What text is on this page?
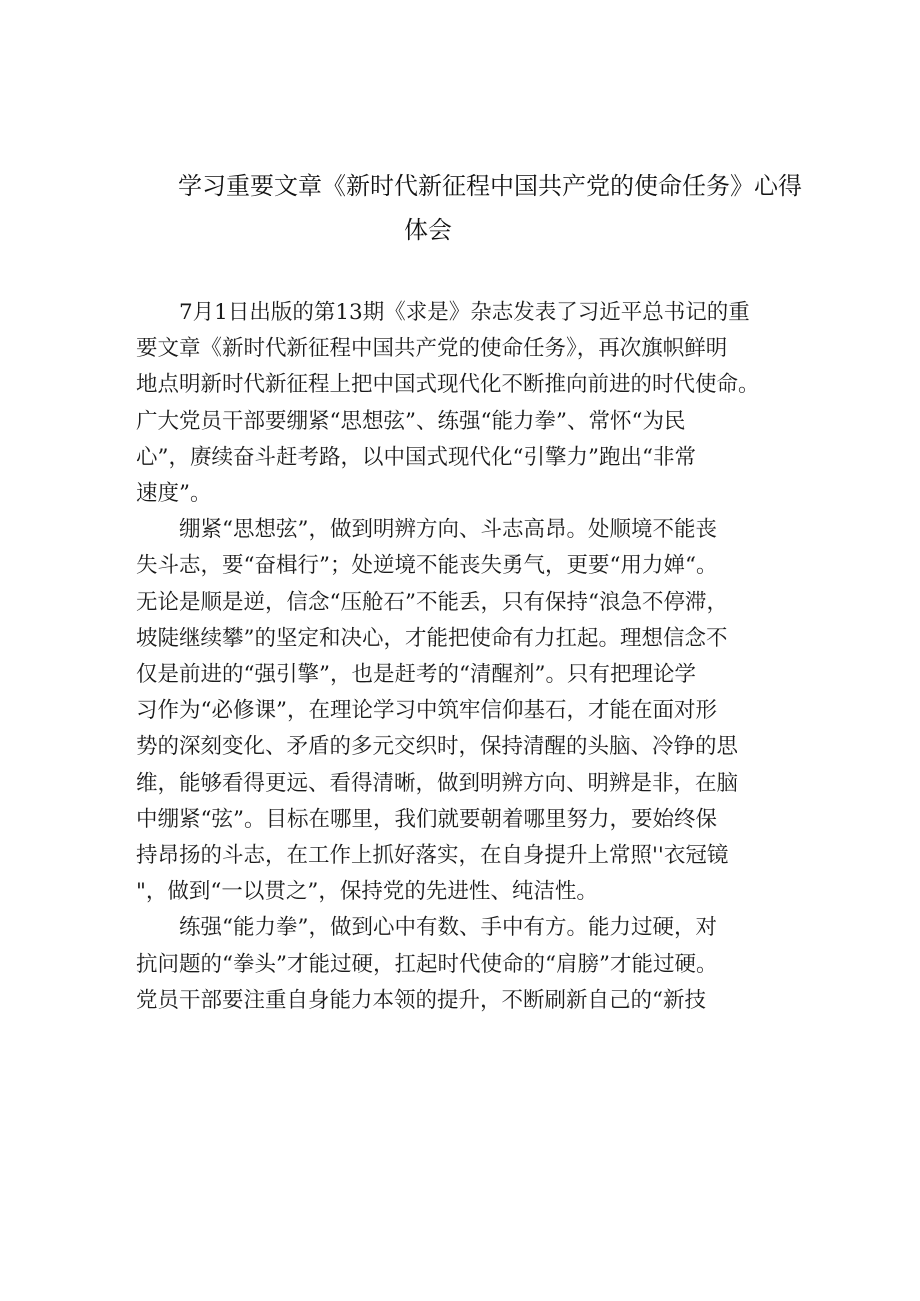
学习重要文章《新时代新征程中国共产党的使命任务》心得
体会

7月1日出版的第13期《求是》杂志发表了习近平总书记的重
要文章《新时代新征程中国共产党的使命任务》，再次旗帜鲜明
地点明新时代新征程上把中国式现代化不断推向前进的时代使命。
广大党员干部要绷紧“思想弦”、练强“能力拳”、常怀“为民
心”，赓续奋斗赶考路，以中国式现代化“引擎力”跑出“非常
速度”。

绷紧“思想弦”，做到明辨方向、斗志高昂。处顺境不能丧
失斗志，要“奋楫行”；处逆境不能丧失勇气，更要“用力婵“。
无论是顺是逆，信念“压舱石”不能丢，只有保持“浪急不停滞，
坡陡继续攀”的坚定和决心，才能把使命有力扛起。理想信念不
仅是前进的“强引擎”，也是赶考的“清醒剂”。只有把理论学
习作为“必修课”，在理论学习中筑牢信仰基石，才能在面对形
势的深刻变化、矛盾的多元交织时，保持清醒的头脑、冷铮的思
维，能够看得更远、看得清晰，做到明辨方向、明辨是非，在脑
中绷紧“弦”。目标在哪里，我们就要朝着哪里努力，要始终保
持昂扬的斗志，在工作上抓好落实，在自身提升上常照''衣冠镜
"，做到“一以贯之”，保持党的先进性、纯洁性。

练强“能力拳”，做到心中有数、手中有方。能力过硬，对
抗问题的“拳头”才能过硬，扛起时代使命的“肩膀”才能过硬。
党员干部要注重自身能力本领的提升，不断刷新自己的“新技
